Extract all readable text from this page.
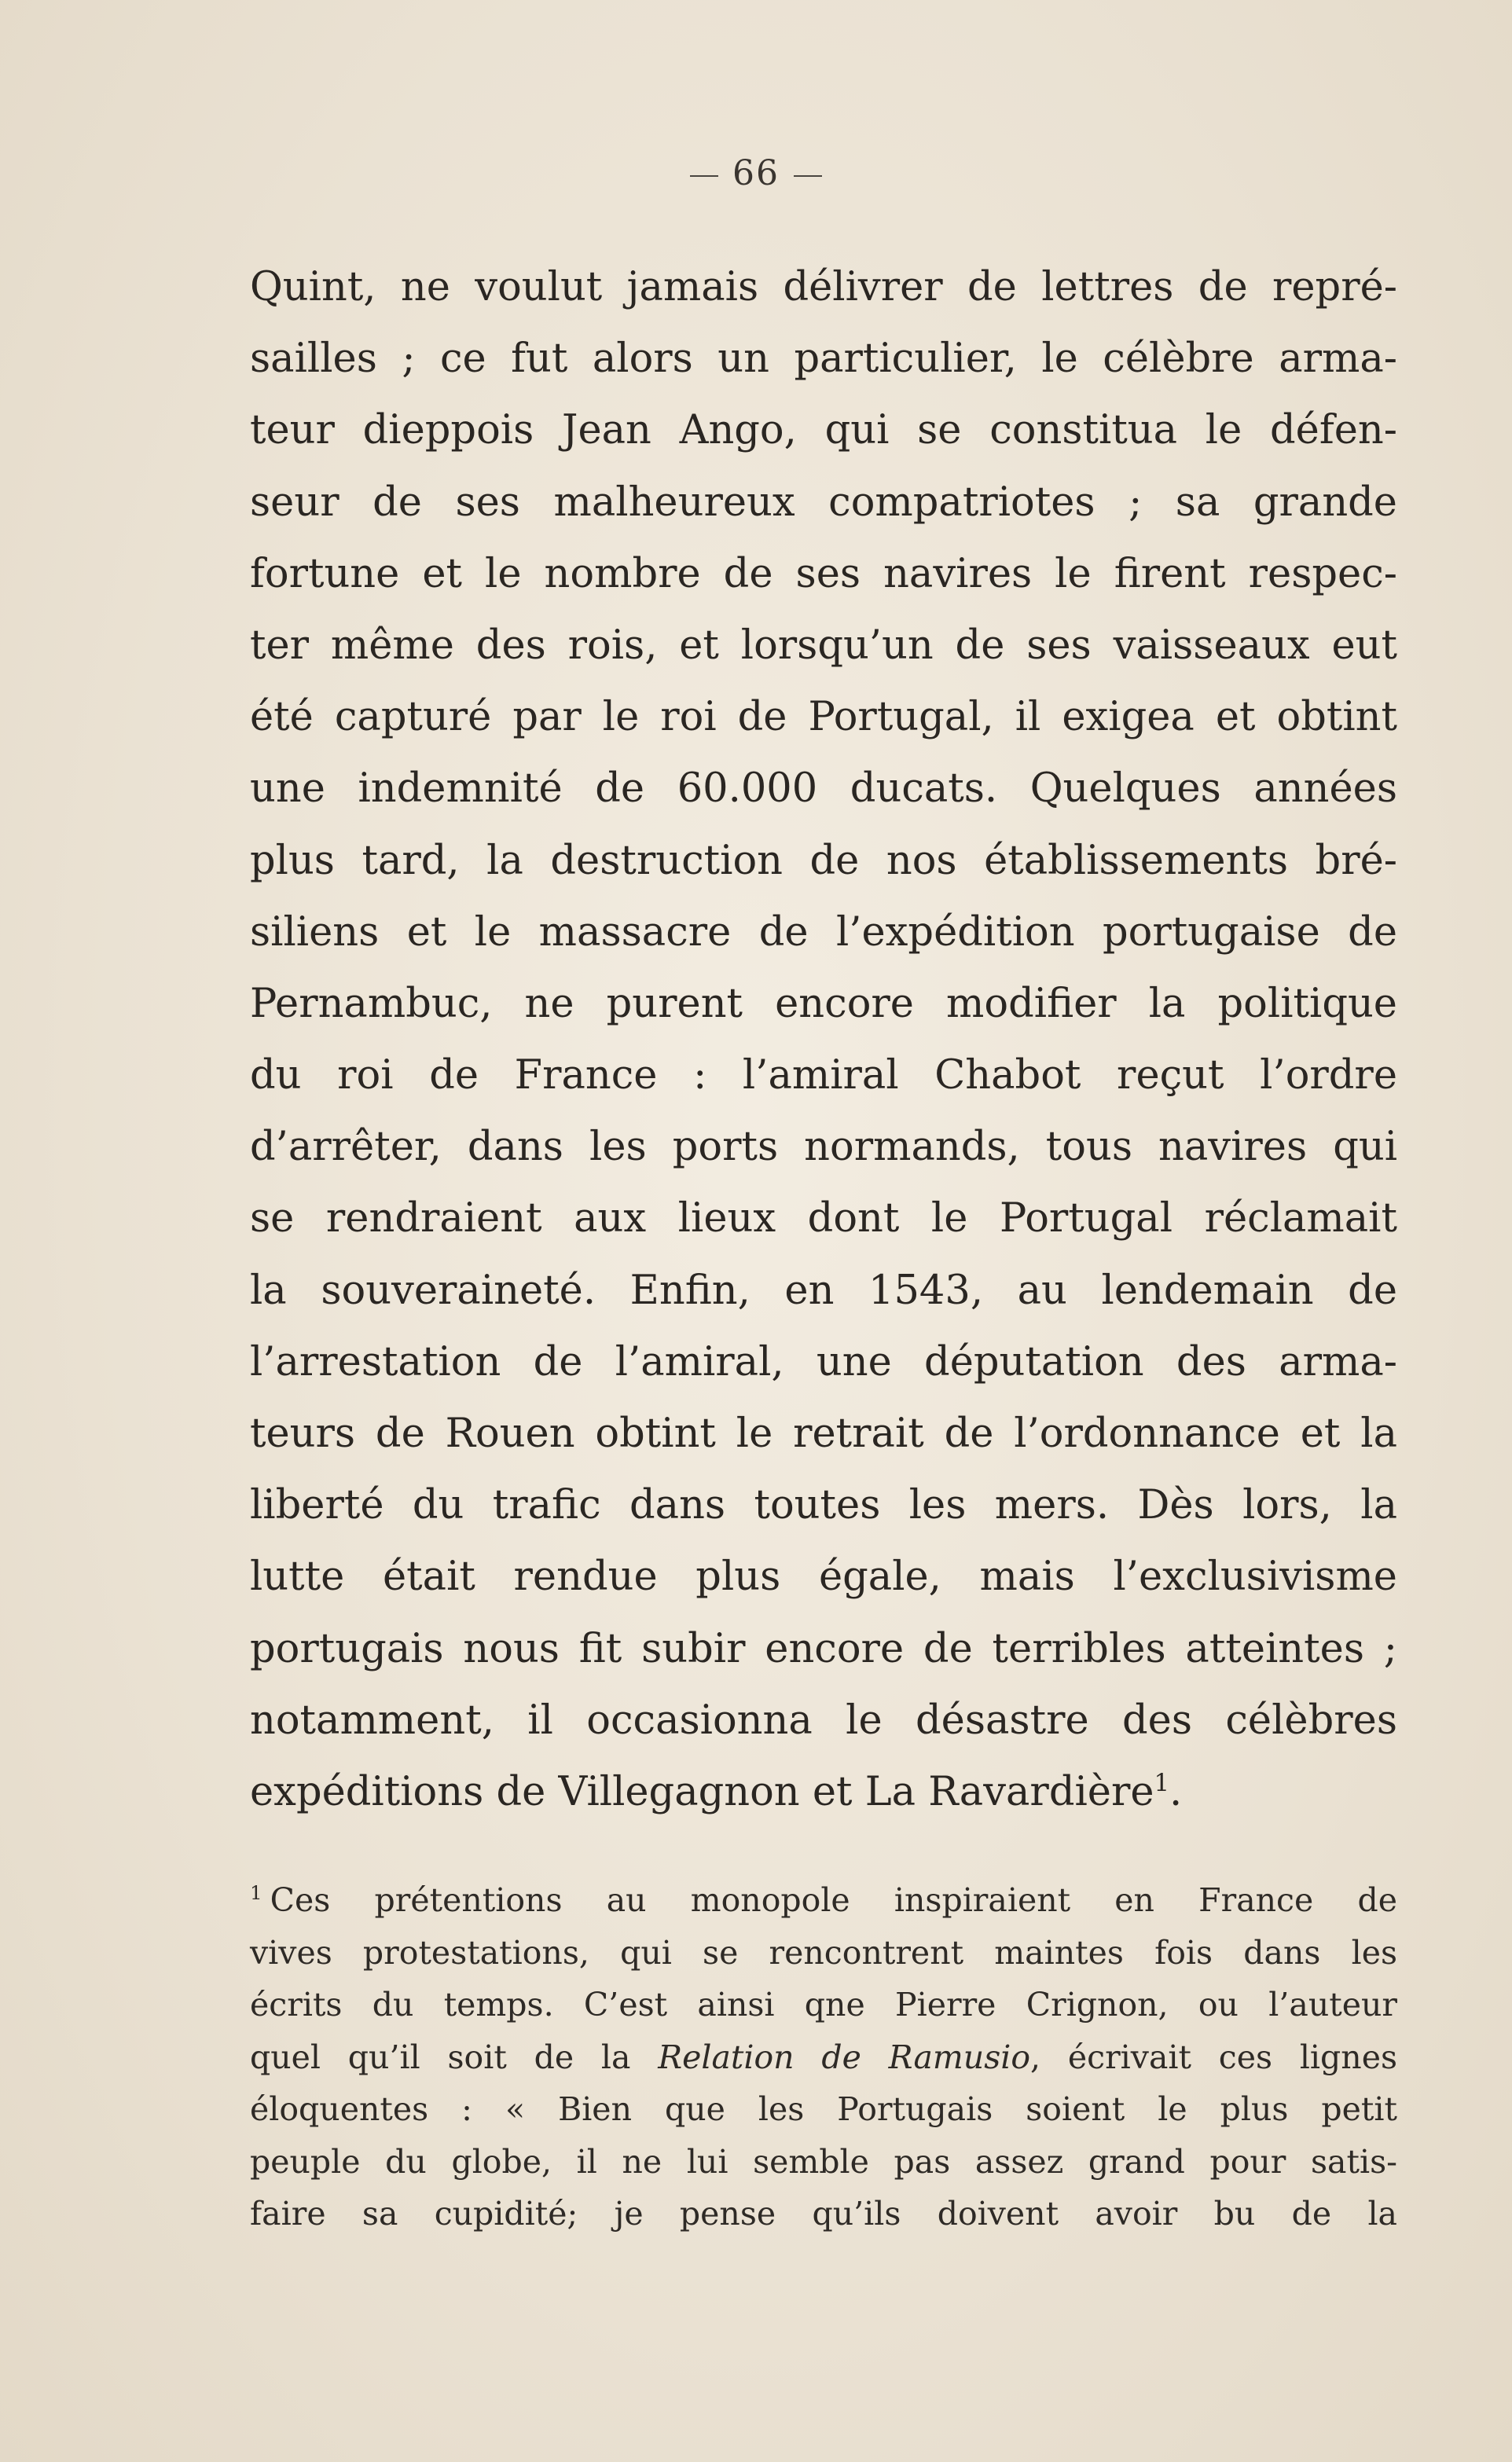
66
Quint, ne voulut jamais délivrer de lettres de repré-
sailles ; ce fut alors un particulier, le célèbre arma-
teur dieppois Jean Ango, qui se constitua le défen-
seur de ses malheureux compatriotes ; sa grande
fortune et le nombre de ses navires le firent respec-
ter même des rois, et lorsqu’un de ses vaisseaux eut
été capturé par le roi de Portugal, il exigea et obtint
une indemnité de 60.000 ducats. Quelques années
plus tard, la destruction de nos établissements bré-
siliens et le massacre de l’expédition portugaise de
Pernambuc, ne purent encore modifier la politique
du roi de France : l’amiral Chabot reçut l’ordre
d’arrêter, dans les ports normands, tous navires qui
se rendraient aux lieux dont le Portugal réclamait
la souveraineté. Enfin, en 1543, au lendemain de
l’arrestation de l’amiral, une députation des arma-
teurs de Rouen obtint le retrait de l’ordonnance et la
liberté du trafic dans toutes les mers. Dès lors, la
lutte était rendue plus égale, mais l’exclusivisme
portugais nous fit subir encore de terribles atteintes ;
notamment, il occasionna le désastre des célèbres
expéditions de Villegagnon et La Ravardière$^1$.
$^1$ Ces prétentions au monopole inspiraient en France de
vives protestations, qui se rencontrent maintes fois dans les
écrits du temps. C’est ainsi qne Pierre Crignon, ou l’auteur
quel qu’il soit de la Relation de Ramusio, écrivait ces lignes
éloquentes : « Bien que les Portugais soient le plus petit
peuple du globe, il ne lui semble pas assez grand pour satis-
faire sa cupidité; je pense qu’ils doivent avoir bu de la
